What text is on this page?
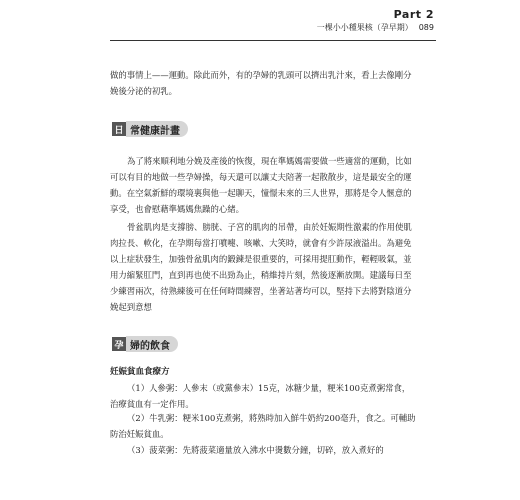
Part 2
一棵小小種果核（孕早期） 089
做的事情上——運動。除此而外，有的孕婦的乳頭可以擠出乳汁來，看上去像剛分娩後分泌的初乳。
日 常健康計畫
為了將來順利地分娩及產後的恢復，現在準媽媽需要做一些適當的運動，比如可以有目的地做一些孕婦操，每天還可以讓丈夫陪著一起散散步，這是最安全的運動。在空氣新鮮的環境裏與他一起聊天，憧憬未來的三人世界，那將是令人愜意的享受，也會慰藉準媽媽焦躁的心緒。
骨盆肌肉是支撐膀、膀胱、子宮的肌肉的吊帶，由於妊娠期性激素的作用使肌肉拉長、軟化，在孕期每當打噴嚏、咳嗽、大笑時，就會有少許尿液溢出。為避免以上症狀發生，加強骨盆肌肉的鍛鍊是很重要的，可採用提肛動作，輕輕吸氣，並用力縮緊肛門，直到再也使不出勁為止，稍維持片刻，然後逐漸放開。建議每日至少練習兩次，待熟練後可在任何時間練習，坐著站著均可以，堅持下去將對陰道分娩起到意想
孕 婦的飲食
妊娠貧血食療方
（1）人參粥：人參末（或黨參末）15克，冰糖少量，粳米100克煮粥常食，治療貧血有一定作用。
（2）牛乳粥：粳米100克煮粥，將熟時加入鮮牛奶約200毫升，食之。可輔助防治妊娠貧血。
（3）菠菜粥：先將菠菜適量放入沸水中燙數分鐘，切碎，放入煮好的
